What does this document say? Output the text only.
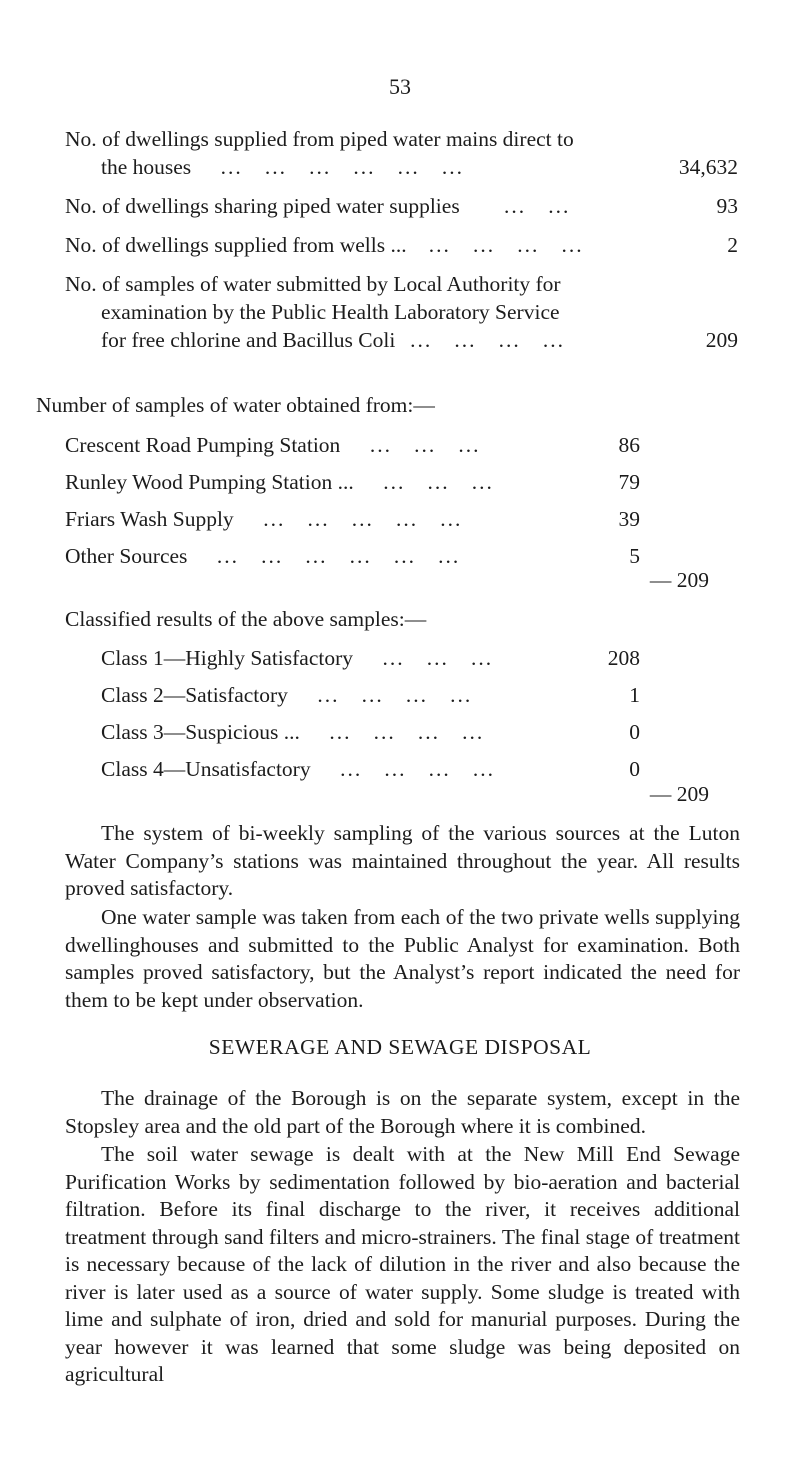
53
No. of dwellings supplied from piped water mains direct to
the houses    ...   ...   ...   ...   ...   ...	34,632
No. of dwellings sharing piped water supplies      ...   ...	93
No. of dwellings supplied from wells ...   ...   ...   ...   ...	2
No. of samples of water submitted by Local Authority for
examination by the Public Health Laboratory Service
for free chlorine and Bacillus Coli  ...   ...   ...   ...	209
Number of samples of water obtained from:—
Crescent Road Pumping Station    ...   ...   ...	86
Runley Wood Pumping Station ...    ...   ...   ...	79
Friars Wash Supply    ...   ...   ...   ...   ...	39
Other Sources    ...   ...   ...   ...   ...   ...	5
— 209
Classified results of the above samples:—
Class 1—Highly Satisfactory    ...   ...   ...	208
Class 2—Satisfactory    ...   ...   ...   ...	1
Class 3—Suspicious ...    ...   ...   ...   ...	0
Class 4—Unsatisfactory    ...   ...   ...   ...	0
— 209
The system of bi-weekly sampling of the various sources at the Luton Water Company’s stations was maintained throughout the year. All results proved satisfactory.
One water sample was taken from each of the two private wells supplying dwellinghouses and submitted to the Public Analyst for examination. Both samples proved satisfactory, but the Analyst’s report indicated the need for them to be kept under observation.
SEWERAGE AND SEWAGE DISPOSAL
The drainage of the Borough is on the separate system, except in the Stopsley area and the old part of the Borough where it is combined.
The soil water sewage is dealt with at the New Mill End Sewage Purification Works by sedimentation followed by bio-aeration and bacterial filtration. Before its final discharge to the river, it receives additional treatment through sand filters and micro-strainers. The final stage of treatment is necessary because of the lack of dilution in the river and also because the river is later used as a source of water supply. Some sludge is treated with lime and sulphate of iron, dried and sold for manurial purposes. During the year however it was learned that some sludge was being deposited on agricultural
